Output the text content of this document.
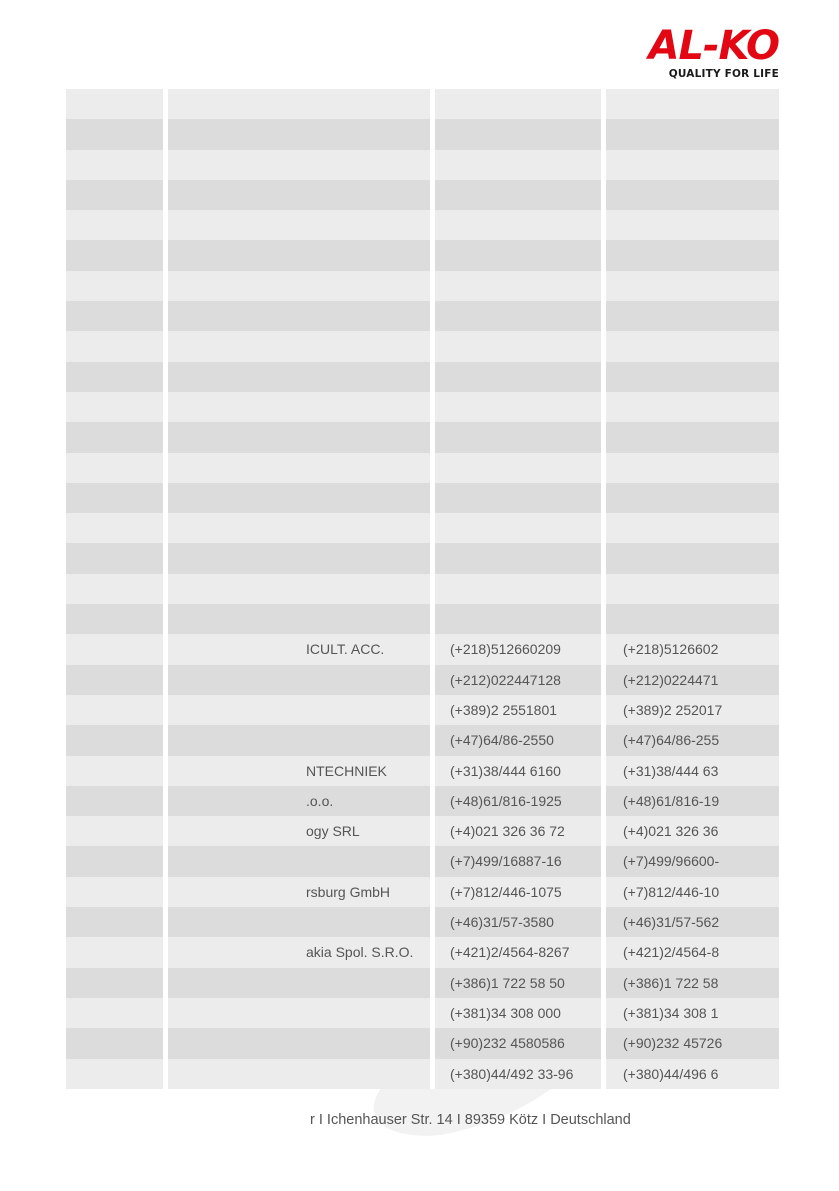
AL-KO
QUALITY FOR LIFE
ICULT. ACC.	(+218)512660209	(+218)5126602
(+212)022447128	(+212)0224471
(+389)2 2551801	(+389)2 252017
(+47)64/86-2550	(+47)64/86-255
NTECHNIEK	(+31)38/444 6160	(+31)38/444 63
.o.o.	(+48)61/816-1925	(+48)61/816-19
ogy SRL	(+4)021 326 36 72	(+4)021 326 36
(+7)499/16887-16	(+7)499/96600-
rsburg GmbH	(+7)812/446-1075	(+7)812/446-10
(+46)31/57-3580	(+46)31/57-562
akia Spol. S.R.O.	(+421)2/4564-8267	(+421)2/4564-8
(+386)1 722 58 50	(+386)1 722 58
(+381)34 308 000	(+381)34 308 1
(+90)232 4580586	(+90)232 45726
(+380)44/492 33-96	(+380)44/496 6
r I Ichenhauser Str. 14 I 89359 Kötz I Deutschland
